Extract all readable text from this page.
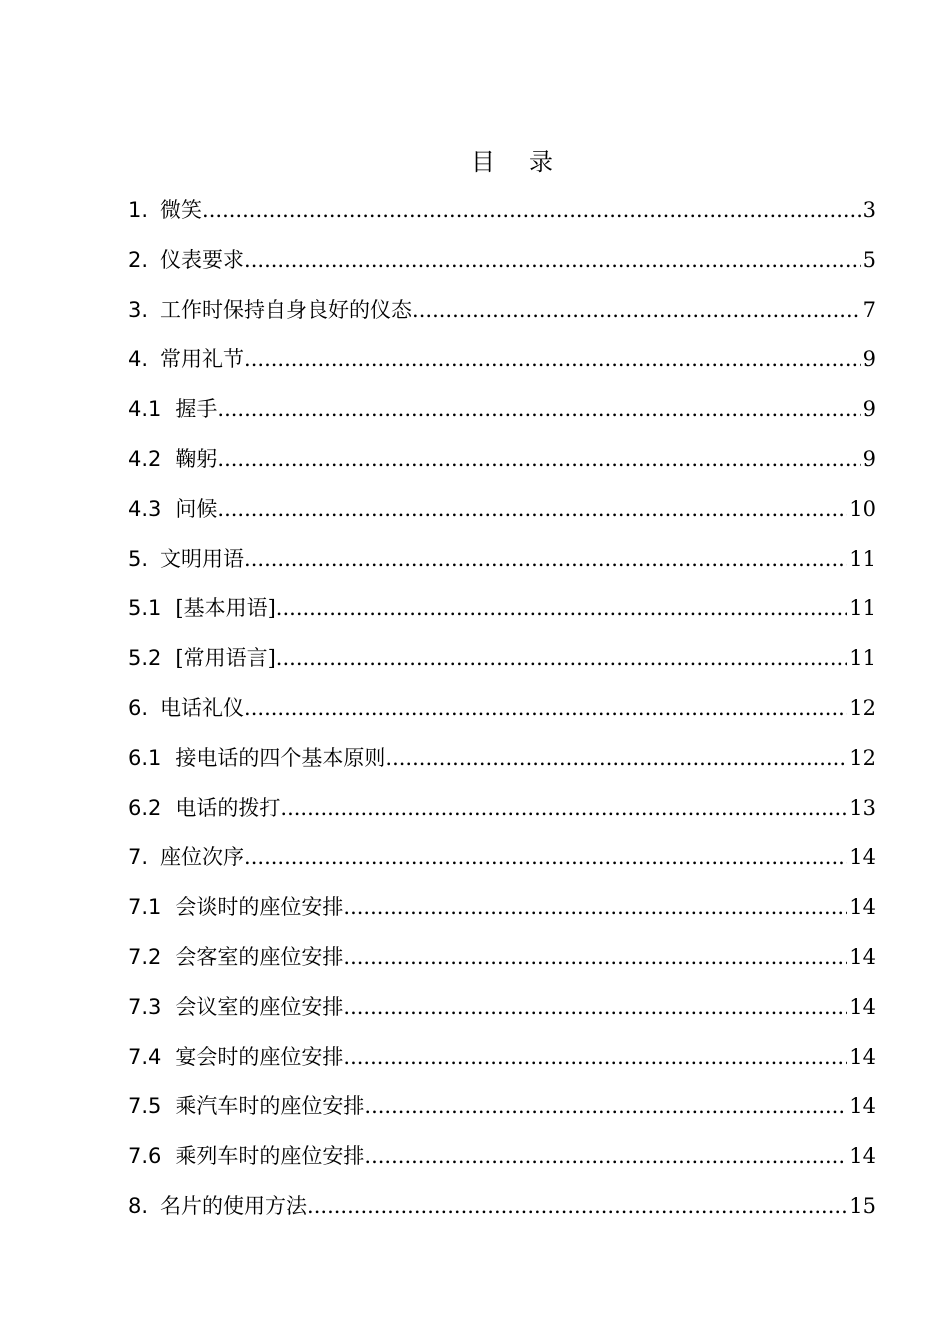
目录
1. 微笑 .....	3
2. 仪表要求 .....	5
3. 工作时保持自身良好的仪态 .....	7
4. 常用礼节 .....	9
4.1 握手 .....	9
4.2 鞠躬 .....	9
4.3 问候 .....	10
5. 文明用语 .....	11
5.1 [基本用语] .....	11
5.2 [常用语言] .....	11
6. 电话礼仪 .....	12
6.1 接电话的四个基本原则 .....	12
6.2 电话的拨打 .....	13
7. 座位次序 .....	14
7.1 会谈时的座位安排 .....	14
7.2 会客室的座位安排 .....	14
7.3 会议室的座位安排 .....	14
7.4 宴会时的座位安排 .....	14
7.5 乘汽车时的座位安排 .....	14
7.6 乘列车时的座位安排 .....	14
8. 名片的使用方法 .....	15
